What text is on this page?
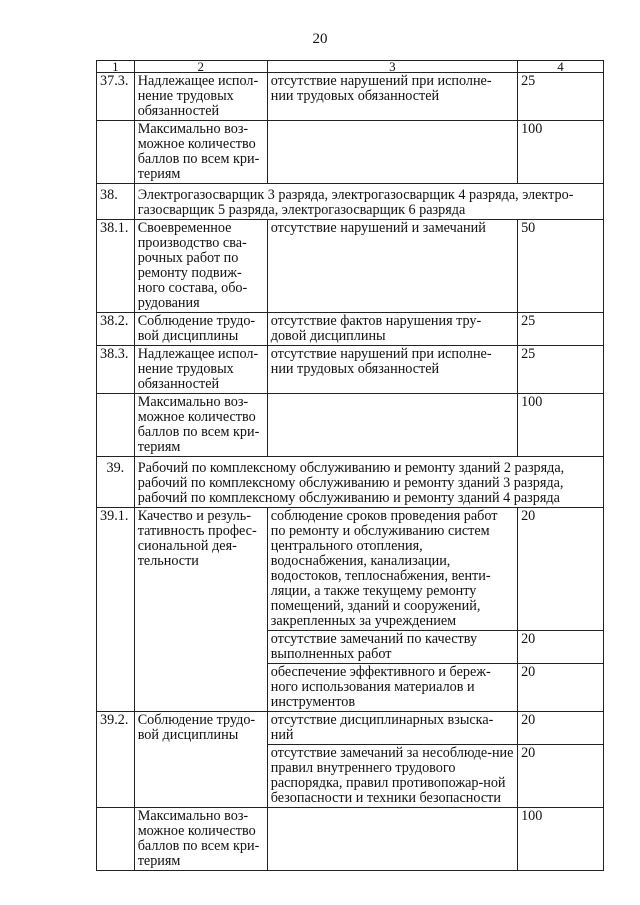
20
1	2	3	4
37.3.	Надлежащее испол-нение трудовых обязанностей	отсутствие нарушений при исполне-нии трудовых обязанностей	25
	Максимально воз-можное количество баллов по всем кри-териям		100
38.	Электрогазосварщик 3 разряда, электрогазосварщик 4 разряда, электро-газосварщик 5 разряда, электрогазосварщик 6 разряда		
38.1.	Своевременное производство сва-рочных работ по ремонту подвиж-ного состава, обо-рудования	отсутствие нарушений и замечаний	50
38.2.	Соблюдение трудо-вой дисциплины	отсутствие фактов нарушения тру-довой дисциплины	25
38.3.	Надлежащее испол-нение трудовых обязанностей	отсутствие нарушений при исполне-нии трудовых обязанностей	25
	Максимально воз-можное количество баллов по всем кри-териям		100
39.	Рабочий по комплексному обслуживанию и ремонту зданий 2 разряда, рабочий по комплексному обслуживанию и ремонту зданий 3 разряда, рабочий по комплексному обслуживанию и ремонту зданий 4 разряда		
39.1.	Качество и резуль-тативность профес-сиональной дея-тельности	соблюдение сроков проведения работ по ремонту и обслуживанию систем центрального отопления, водоснабжения, канализации, водостоков, теплоснабжения, венти-ляции, а также текущему ремонту помещений, зданий и сооружений, закрепленных за учреждением	20
		отсутствие замечаний по качеству выполненных работ	20
		обеспечение эффективного и береж-ного использования материалов и инструментов	20
39.2.	Соблюдение трудо-вой дисциплины	отсутствие дисциплинарных взыска-ний	20
		отсутствие замечаний за несоблюде-ние правил внутреннего трудового распорядка, правил противопожар-ной безопасности и техники безопасности	20
	Максимально воз-можное количество баллов по всем кри-териям		100
